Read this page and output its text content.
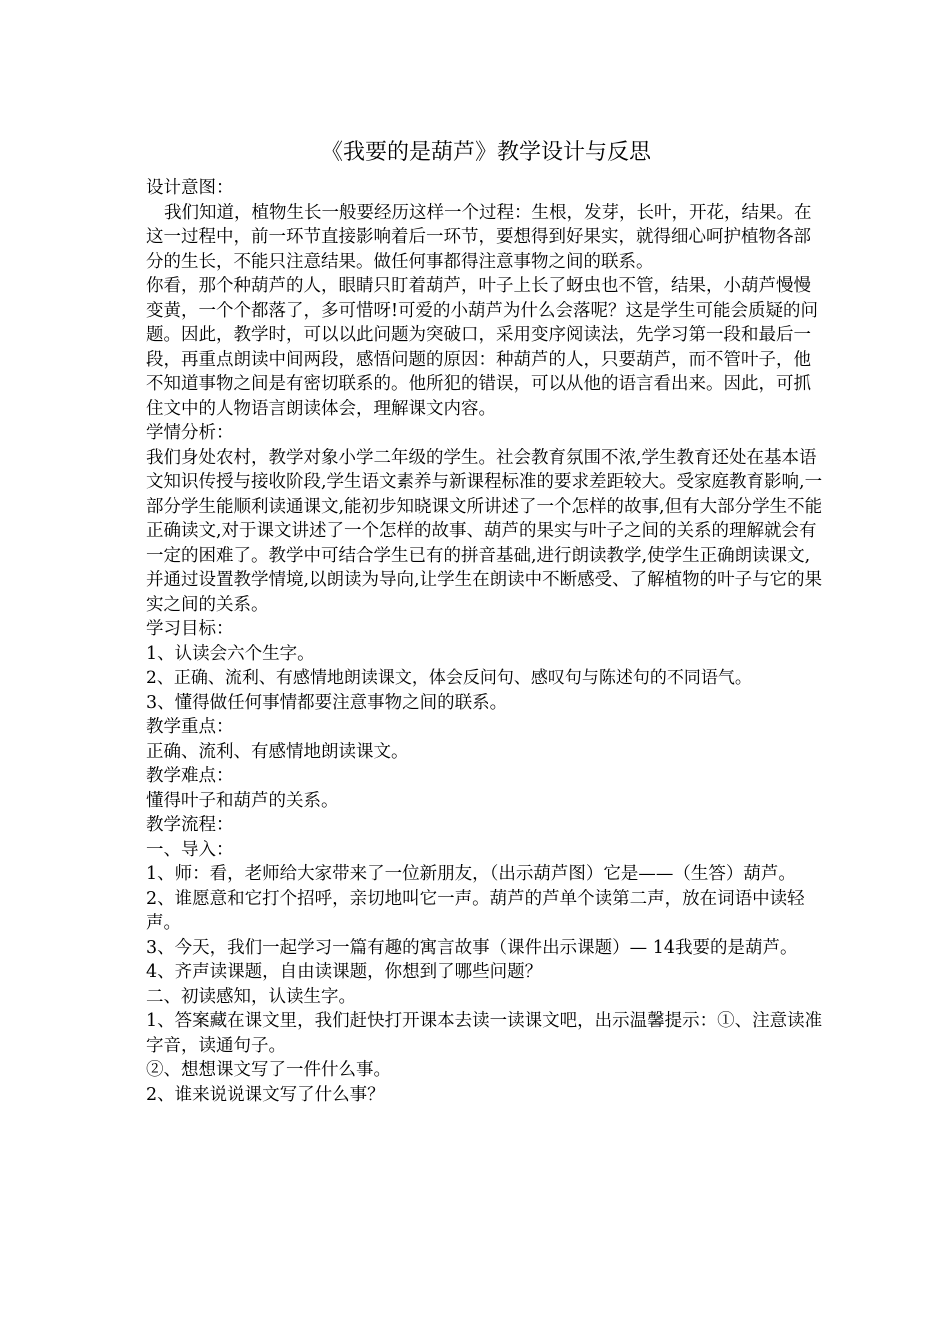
《我要的是葫芦》教学设计与反思

设计意图：

我们知道，植物生长一般要经历这样一个过程：生根，发芽，长叶，开花，结果。在这一过程中，前一环节直接影响着后一环节，要想得到好果实，就得细心呵护植物各部分的生长，不能只注意结果。做任何事都得注意事物之间的联系。

你看，那个种葫芦的人，眼睛只盯着葫芦，叶子上长了蚜虫也不管，结果，小葫芦慢慢变黄，一个个都落了，多可惜呀!可爱的小葫芦为什么会落呢？这是学生可能会质疑的问题。因此，教学时，可以以此问题为突破口，采用变序阅读法，先学习第一段和最后一段，再重点朗读中间两段，感悟问题的原因：种葫芦的人，只要葫芦，而不管叶子，他不知道事物之间是有密切联系的。他所犯的错误，可以从他的语言看出来。因此，可抓住文中的人物语言朗读体会，理解课文内容。

学情分析：

我们身处农村，教学对象小学二年级的学生。社会教育氛围不浓,学生教育还处在基本语文知识传授与接收阶段,学生语文素养与新课程标准的要求差距较大。受家庭教育影响,一部分学生能顺利读通课文,能初步知晓课文所讲述了一个怎样的故事,但有大部分学生不能正确读文,对于课文讲述了一个怎样的故事、葫芦的果实与叶子之间的关系的理解就会有一定的困难了。教学中可结合学生已有的拼音基础,进行朗读教学,使学生正确朗读课文,并通过设置教学情境,以朗读为导向,让学生在朗读中不断感受、了解植物的叶子与它的果实之间的关系。

学习目标：

1、认读会六个生字。

2、正确、流利、有感情地朗读课文，体会反问句、感叹句与陈述句的不同语气。

3、懂得做任何事情都要注意事物之间的联系。

教学重点：

正确、流利、有感情地朗读课文。

教学难点：

懂得叶子和葫芦的关系。

教学流程：

一、导入：

1、师：看，老师给大家带来了一位新朋友，（出示葫芦图）它是——（生答）葫芦。

2、谁愿意和它打个招呼，亲切地叫它一声。葫芦的芦单个读第二声，放在词语中读轻声。

3、今天，我们一起学习一篇有趣的寓言故事（课件出示课题）— 14我要的是葫芦。

4、齐声读课题，自由读课题，你想到了哪些问题？

二、初读感知，认读生字。

1、答案藏在课文里，我们赶快打开课本去读一读课文吧，出示温馨提示：①、注意读准字音，读通句子。

②、想想课文写了一件什么事。

2、谁来说说课文写了什么事？
